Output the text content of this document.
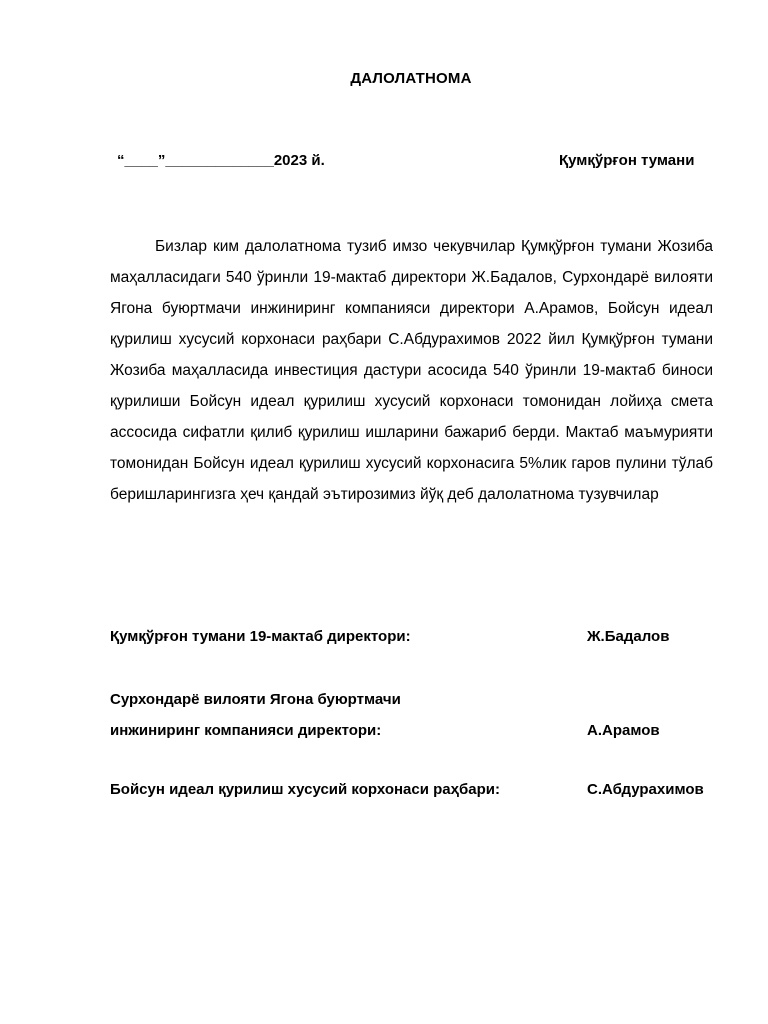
ДАЛОЛАТНОМА
“____”_____________2023 й.	Қумқўрғон тумани
Бизлар ким далолатнома тузиб имзо чекувчилар Қумқўрғон тумани Жозиба маҳалласидаги 540 ўринли 19-мактаб директори Ж.Бадалов, Сурхондарё вилояти Ягона буюртмачи инжиниринг компанияси директори А.Арамов, Бойсун идеал қурилиш хусусий корхонаси раҳбари С.Абдурахимов 2022 йил Қумқўрғон тумани Жозиба маҳалласида инвестиция дастури асосида 540 ўринли 19-мактаб биноси қурилиши Бойсун идеал қурилиш хусусий корхонаси томонидан лойиҳа смета ассосида сифатли қилиб қурилиш ишларини бажариб берди. Мактаб маъмурияти томонидан Бойсун идеал қурилиш хусусий корхонасига 5%лик гаров пулини тўлаб беришларингизга ҳеч қандай эътирозимиз йўқ деб далолатнома тузувчилар
Қумқўрғон тумани 19-мактаб директори:	Ж.Бадалов
Сурхондарё вилояти Ягона буюртмачи
инжиниринг компанияси директори:	А.Арамов
Бойсун идеал қурилиш хусусий корхонаси раҳбари:	С.Абдурахимов
